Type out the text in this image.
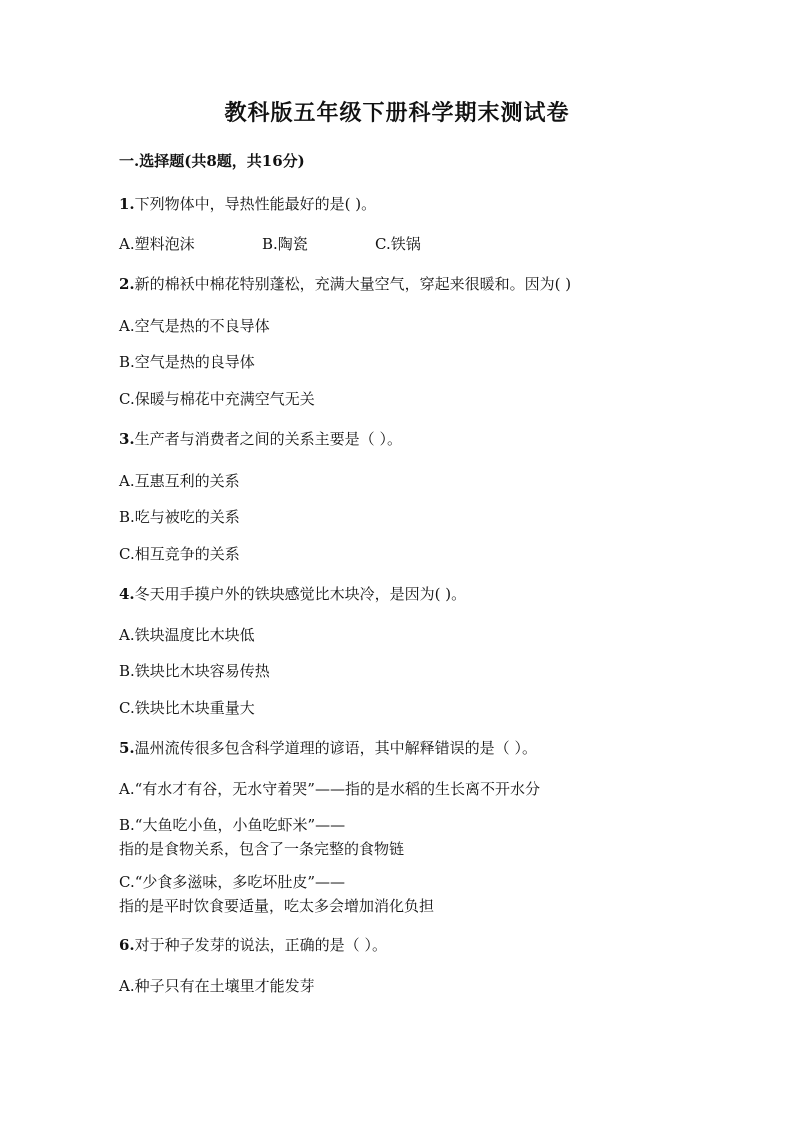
教科版五年级下册科学期末测试卷
一.选择题(共8题，共16分)
1.下列物体中，导热性能最好的是( )。
A.塑料泡沫	B.陶瓷	C.铁锅
2.新的棉袄中棉花特别蓬松，充满大量空气，穿起来很暖和。因为( )
A.空气是热的不良导体
B.空气是热的良导体
C.保暖与棉花中充满空气无关
3.生产者与消费者之间的关系主要是（ ）。
A.互惠互利的关系
B.吃与被吃的关系
C.相互竞争的关系
4.冬天用手摸户外的铁块感觉比木块冷，是因为( )。
A.铁块温度比木块低
B.铁块比木块容易传热
C.铁块比木块重量大
5.温州流传很多包含科学道理的谚语，其中解释错误的是（ ）。
A.“有水才有谷，无水守着哭”——指的是水稻的生长离不开水分
B.“大鱼吃小鱼，小鱼吃虾米”——
指的是食物关系，包含了一条完整的食物链
C.“少食多滋味，多吃坏肚皮”——
指的是平时饮食要适量，吃太多会增加消化负担
6.对于种子发芽的说法，正确的是（ ）。
A.种子只有在土壤里才能发芽
